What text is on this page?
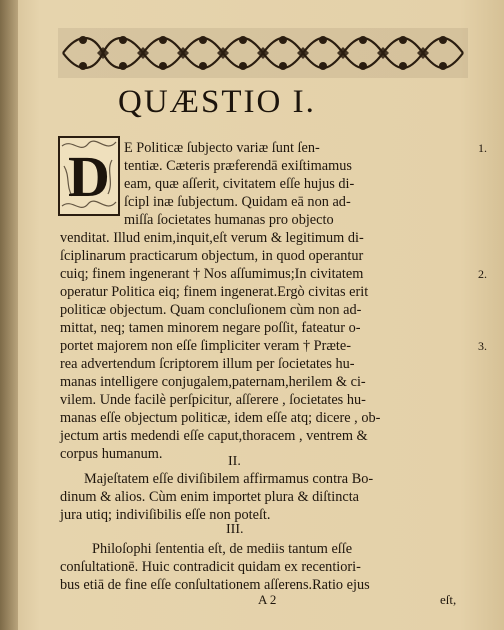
QUÆSTIO I.
D E Politicæ ſubjecto variæ ſunt ſen-
tentiæ. Cæteris præferendā exiſtimamus
eam, quæ aſſerit, civitatem eſſe hujus di-
ſcipl inæ ſubjectum. Quidam eā non ad-
miſſa ſocietates humanas pro objecto
venditat. Illud enim,inquit,eſt verum & legitimum di-
ſciplinarum practicarum objectum, in quod operantur
cuiq; finem ingenerant † Nos aſſumimus;In civitatem
operatur Politica eiq; finem ingenerat.Ergò civitas erit
politicæ objectum. Quam concluſionem cùm non ad-
mittat, neq; tamen minorem negare poſſit, fateatur o-
portet majorem non eſſe ſimpliciter veram † Præte-
rea advertendum ſcriptorem illum per ſocietates hu-
manas intelligere conjugalem,paternam,herilem & ci-
vilem. Unde facilè perſpicitur, aſſerere , ſocietates hu-
manas eſſe objectum politicæ, idem eſſe atq; dicere , ob-
jectum artis medendi eſſe caput,thoracem , ventrem &
corpus humanum.
1.
2.
3.
II.
Majeſtatem eſſe diviſibilem affirmamus contra Bo-
dinum & alios. Cùm enim importet plura & diſtincta
jura utiq; indiviſibilis eſſe non poteſt.
III.
Philoſophi ſententia eſt, de mediis tantum eſſe
conſultationē. Huic contradicit quidam ex recentiori-
bus etiā de fine eſſe conſultationem aſſerens.Ratio ejus
A 2	eſt,
